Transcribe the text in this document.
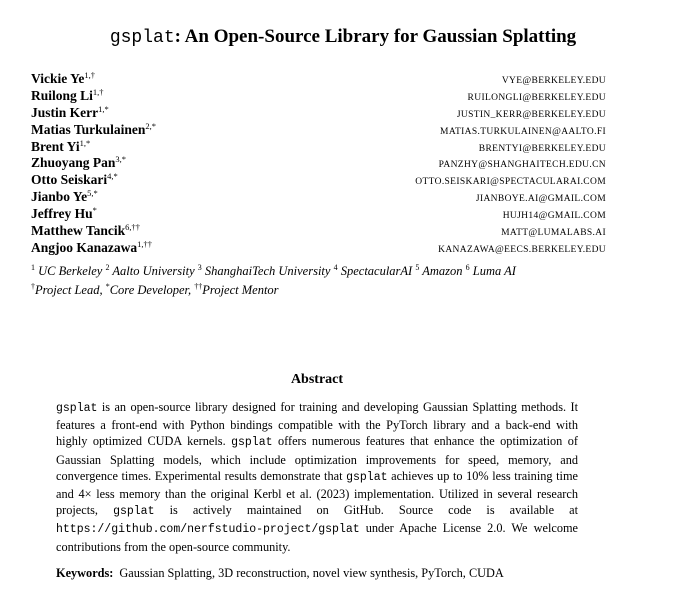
gsplat: An Open-Source Library for Gaussian Splatting
Vickie $Ye^{1,\dagger}$
VYE@BERKELEY.EDU
Ruilong $Li^{1,\dagger}$
RUILONGLI@BERKELEY.EDU
Justin Kerr$^{1,*}$
JUSTIN_KERR@BERKELEY.EDU
Matias Turkulainen$^{2,*}$
MATIAS.TURKULAINEN@AALTO.FI
Brent $Yi^{1,*}$
BRENTYI@BERKELEY.EDU
Zhuoyang Pan$^{3,*}$
PANZHY@SHANGHAITECH.EDU.CN
Otto Seiskari$^{4,*}$
OTTO.SEISKARI@SPECTACULARAI.COM
Jianbo $Ye^{5,*}$
JIANBOYE.AI@GMAIL.COM
Jeffrey Hu*
HUJH14@GMAIL.COM
Matthew Tancik$^{6,\dagger\dagger}$
MATT@LUMALABS.AI
Angjoo Kanazawa$^{1,\dagger\dagger}$
KANAZAWA@EECS.BERKELEY.EDU
$^1$ UC Berkeley $^2$ Aalto University $^3$ ShanghaiTech University $^4$ SpectacularAI $^5$ Amazon $^6$ Luma AI
†Project Lead, *Core Developer, ††Project Mentor
Abstract
gsplat is an open-source library designed for training and developing Gaussian Splatting methods. It features a front-end with Python bindings compatible with the PyTorch library and a back-end with highly optimized CUDA kernels. gsplat offers numerous features that enhance the optimization of Gaussian Splatting models, which include optimization improvements for speed, memory, and convergence times. Experimental results demonstrate that gsplat achieves up to 10% less training time and 4× less memory than the original Kerbl et al. (2023) implementation. Utilized in several research projects, gsplat is actively maintained on GitHub. Source code is available at https://github.com/nerfstudio-project/gsplat under Apache License 2.0. We welcome contributions from the open-source community.
Keywords: Gaussian Splatting, 3D reconstruction, novel view synthesis, PyTorch, CUDA
